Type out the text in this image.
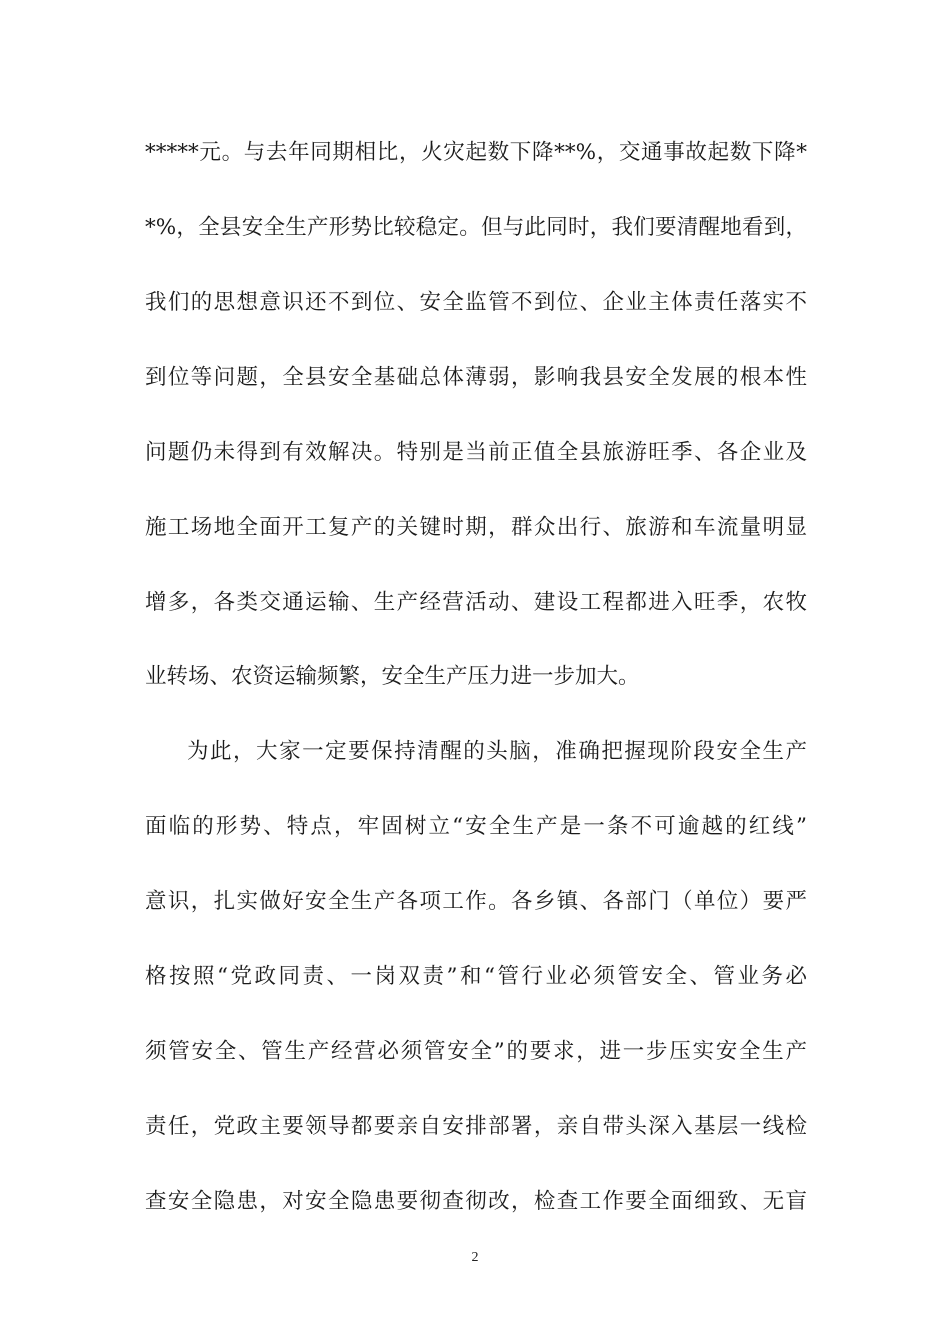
*****元。与去年同期相比，火灾起数下降**%，交通事故起数下降*
*%，全县安全生产形势比较稳定。但与此同时，我们要清醒地看到，
我们的思想意识还不到位、安全监管不到位、企业主体责任落实不
到位等问题，全县安全基础总体薄弱，影响我县安全发展的根本性
问题仍未得到有效解决。特别是当前正值全县旅游旺季、各企业及
施工场地全面开工复产的关键时期，群众出行、旅游和车流量明显
增多，各类交通运输、生产经营活动、建设工程都进入旺季，农牧
业转场、农资运输频繁，安全生产压力进一步加大。
为此，大家一定要保持清醒的头脑，准确把握现阶段安全生产
面临的形势、特点，牢固树立“安全生产是一条不可逾越的红线”
意识，扎实做好安全生产各项工作。各乡镇、各部门（单位）要严
格按照“党政同责、一岗双责”和“管行业必须管安全、管业务必
须管安全、管生产经营必须管安全”的要求，进一步压实安全生产
责任，党政主要领导都要亲自安排部署，亲自带头深入基层一线检
查安全隐患，对安全隐患要彻查彻改，检查工作要全面细致、无盲
2
